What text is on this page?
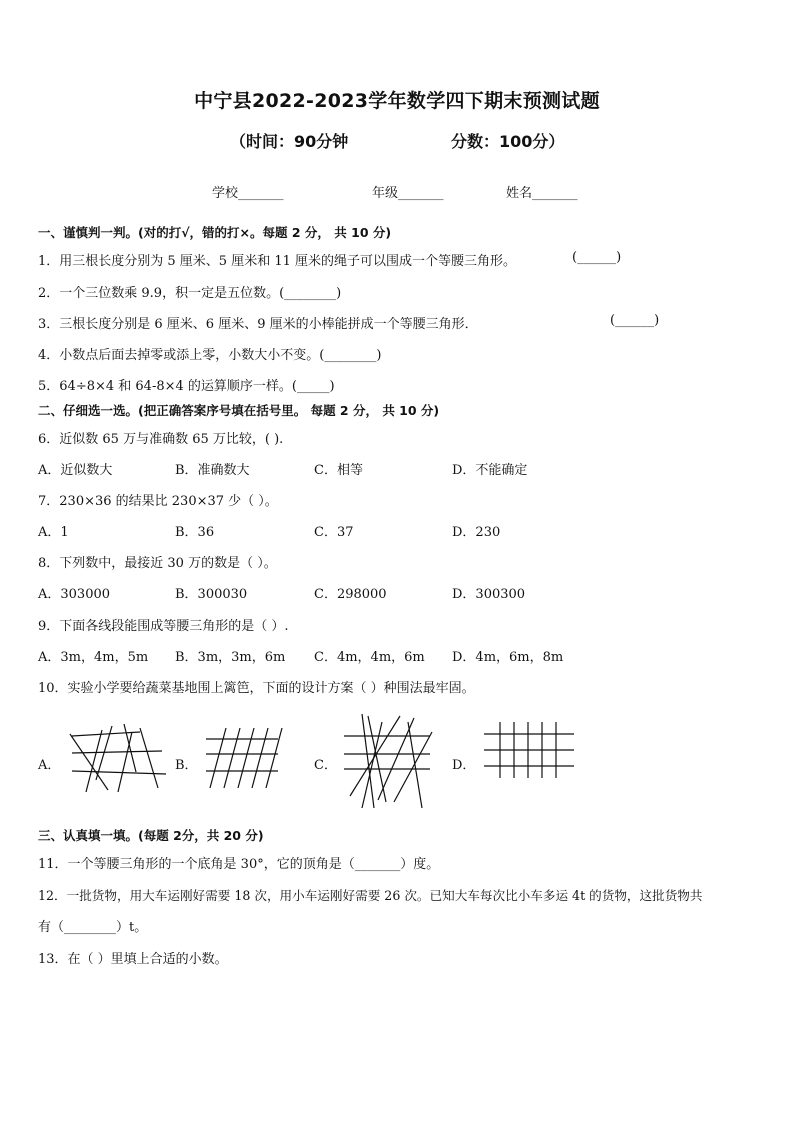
中宁县2022-2023学年数学四下期末预测试题
（时间：90分钟	分数：100分）
学校_______	年级_______	姓名_______
一、谨慎判一判。(对的打√，错的打×。每题 2 分， 共 10 分)
1．用三根长度分别为 5 厘米、5 厘米和 11 厘米的绳子可以围成一个等腰三角形。	(______)
2．一个三位数乘 9.9，积一定是五位数。(________)
3．三根长度分别是 6 厘米、6 厘米、9 厘米的小棒能拼成一个等腰三角形．	(______)
4．小数点后面去掉零或添上零，小数大小不变。(________)
5．64÷8×4 和 64-8×4 的运算顺序一样。(_____)
二、仔细选一选。(把正确答案序号填在括号里。 每题 2 分， 共 10 分)
6．近似数 65 万与准确数 65 万比较，( ).
A．近似数大	B．准确数大	C．相等	D．不能确定
7．230×36 的结果比 230×37 少（ ）。
A．1	B．36	C．37	D．230
8．下列数中，最接近 30 万的数是（ ）。
A．303000	B．300030	C．298000	D．300300
9．下面各线段能围成等腰三角形的是（ ）.
A．3m，4m，5m B．3m，3m，6m C．4m，4m，6m D．4m，6m，8m
10．实验小学要给蔬菜基地围上篱笆，下面的设计方案（ ）种围法最牢固。
A．	B．	C．	D．
三、认真填一填。(每题 2分，共 20 分)
11．一个等腰三角形的一个底角是 30°，它的顶角是（_______）度。
12．一批货物，用大车运刚好需要 18 次，用小车运刚好需要 26 次。已知大车每次比小车多运 4t 的货物，这批货物共
有（________）t。
13．在（ ）里填上合适的小数。
